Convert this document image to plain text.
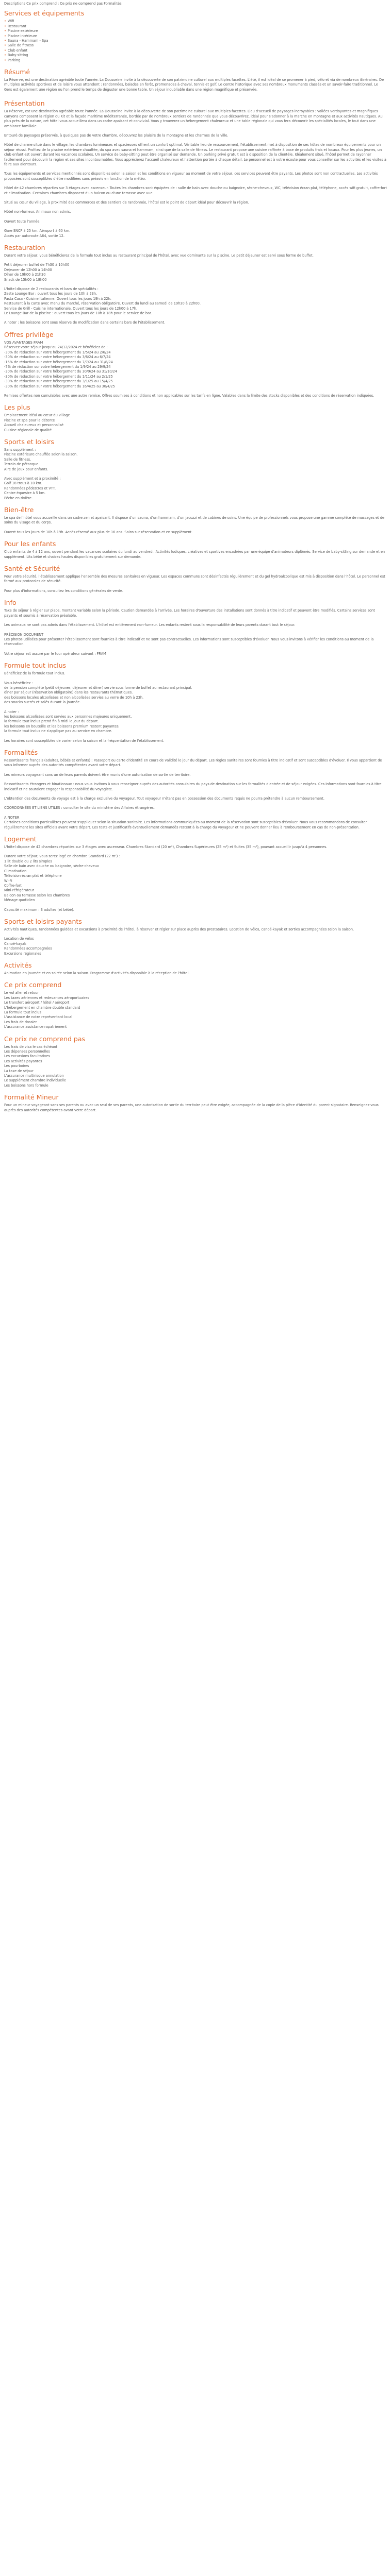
Descriptions Ce prix comprend : Ce prix ne comprend pas Formalités

Services et équipements
• Wifi
• Restaurant
• Piscine extérieure
• Piscine intérieure
• Sauna - Hammam - Spa
• Salle de fitness
• Club enfant
• Baby-sitting
• Parking
Résumé

La Réserve, est une destination agréable toute l'année. La Dousseine invite à la découverte de son patrimoine culturel aux multiples facettes. L'été, il est idéal de se promener à pied, vélo et via de nombreux itinéraires. De multiples activités sportives et de loisirs vous attendent : randonnées, balades en forêt, promenades à cheval, tennis et golf. Le centre historique avec ses nombreux monuments classés et un savoir-faire traditionnel. Le Gers est également une région ou l'on prend le temps de déguster une bonne table. Un séjour inoubliable dans une région magnifique et préservée.

Présentation

La Réserve, est une destination agréable toute l'année. La Dousseine invite à la découverte de son patrimoine culturel aux multiples facettes. Lieu d'accueil de paysages incroyables : vallées verdoyantes et magnifiques canyons composent la région du Kit et la façade maritime méditerranée, bordée par de nombreux sentiers de randonnée que vous découvrirez, idéal pour s'adonner à la marche en montagne et aux activités nautiques. Au plus près de la nature, cet hôtel vous accueillera dans un cadre apaisant et convivial. Vous y trouverez un hébergement chaleureux et une table régionale qui vous fera découvrir les spécialités locales, le tout dans une ambiance familiale.

Entouré de paysages préservés, à quelques pas de votre chambre, découvrez les plaisirs de la montagne et les charmes de la ville.

Hôtel de charme situé dans le village, les chambres lumineuses et spacieuses offrent un confort optimal. Véritable lieu de ressourcement, l'établissement met à disposition de ses hôtes de nombreux équipements pour un séjour réussi. Profitez de la piscine extérieure chauffée, du spa avec sauna et hammam, ainsi que de la salle de fitness. Le restaurant propose une cuisine raffinée à base de produits frais et locaux. Pour les plus jeunes, un club enfant est ouvert durant les vacances scolaires. Un service de baby-sitting peut être organisé sur demande. Un parking privé gratuit est à disposition de la clientèle. Idéalement situé, l'hôtel permet de rayonner facilement pour découvrir la région et ses sites incontournables. Vous apprécierez l'accueil chaleureux et l'attention portée à chaque détail. Le personnel est à votre écoute pour vous conseiller sur les activités et les visites à faire aux alentours.

Tous les équipements et services mentionnés sont disponibles selon la saison et les conditions en vigueur au moment de votre séjour, ces services peuvent être payants. Les photos sont non contractuelles. Les activités proposées sont susceptibles d'être modifiées sans préavis en fonction de la météo.

Hôtel de 42 chambres réparties sur 3 étages avec ascenseur. Toutes les chambres sont équipées de : salle de bain avec douche ou baignoire, sèche-cheveux, WC, télévision écran plat, téléphone, accès wifi gratuit, coffre-fort et climatisation. Certaines chambres disposent d'un balcon ou d'une terrasse avec vue.

Situé au cœur du village, à proximité des commerces et des sentiers de randonnée, l'hôtel est le point de départ idéal pour découvrir la région.

Hôtel non-fumeur. Animaux non admis.

Ouvert toute l'année.

Gare SNCF à 25 km. Aéroport à 60 km.
Accès par autoroute A64, sortie 12.
Restauration

Durant votre séjour, vous bénéficierez de la formule tout inclus au restaurant principal de l'hôtel, avec vue dominante sur la piscine. Le petit déjeuner est servi sous forme de buffet.

Petit déjeuner buffet de 7h30 à 10h00
Déjeuner de 12h00 à 14h00
Dîner de 19h00 à 21h30
Snack de 15h00 à 18h00
L'hôtel dispose de 2 restaurants et bars de spécialités :
Zeste Lounge Bar : ouvert tous les jours de 10h à 23h.
Pasta Casa - Cuisine Italienne. Ouvert tous les jours 19h à 22h.
Restaurant à la carte avec menu du marché, réservation obligatoire. Ouvert du lundi au samedi de 19h30 à 22h00.
Service de Grill - Cuisine internationale. Ouvert tous les jours de 12h00 à 17h.
Le Lounge Bar de la piscine : ouvert tous les jours de 10h à 18h pour le service de bar.

A noter : les boissons sont sous réserve de modification dans certains bars de l'établissement.

Offres privilège
VOS AVANTAGES FRAM
Réservez votre séjour jusqu'au 24/12/2024 et bénéficiez de :
-30% de réduction sur votre hébergement du 1/5/24 au 2/6/24
-30% de réduction sur votre hébergement du 3/6/24 au 6/7/24
-15% de réduction sur votre hébergement du 7/7/24 au 31/8/24
-7% de réduction sur votre hébergement du 1/9/24 au 29/9/24
-30% de réduction sur votre hébergement du 30/9/24 au 31/10/24
-30% de réduction sur votre hébergement du 1/11/24 au 2/1/25
-30% de réduction sur votre hébergement du 3/1/25 au 15/4/25
-30% de réduction sur votre hébergement du 16/4/25 au 30/4/25

Remises offertes non cumulables avec une autre remise. Offres soumises à conditions et non applicables sur les tarifs en ligne. Valables dans la limite des stocks disponibles et des conditions de réservation indiquées.

Les plus
Emplacement idéal au cœur du village
Piscine et spa pour la détente
Accueil chaleureux et personnalisé
Cuisine régionale de qualité
Sports et loisirs
Sans supplément :
Piscine extérieure chauffée selon la saison.
Salle de fitness.
Terrain de pétanque.
Aire de jeux pour enfants.
Avec supplément et à proximité :
Golf 18 trous à 10 km.
Randonnées pédestres et VTT.
Centre équestre à 5 km.
Pêche en rivière.
Bien-être

Le spa de l'hôtel vous accueille dans un cadre zen et apaisant. Il dispose d'un sauna, d'un hammam, d'un jacuzzi et de cabines de soins. Une équipe de professionnels vous propose une gamme complète de massages et de soins du visage et du corps.

Ouvert tous les jours de 10h à 19h. Accès réservé aux plus de 16 ans. Soins sur réservation et en supplément.

Pour les enfants

Club enfants de 4 à 12 ans, ouvert pendant les vacances scolaires du lundi au vendredi. Activités ludiques, créatives et sportives encadrées par une équipe d'animateurs diplômés. Service de baby-sitting sur demande et en supplément. Lits bébé et chaises hautes disponibles gratuitement sur demande.

Santé et Sécurité

Pour votre sécurité, l'établissement applique l'ensemble des mesures sanitaires en vigueur. Les espaces communs sont désinfectés régulièrement et du gel hydroalcoolique est mis à disposition dans l'hôtel. Le personnel est formé aux protocoles de sécurité.

Pour plus d'informations, consultez les conditions générales de vente.

Info

Taxe de séjour à régler sur place, montant variable selon la période. Caution demandée à l'arrivée. Les horaires d'ouverture des installations sont donnés à titre indicatif et peuvent être modifiés. Certains services sont payants et soumis à réservation préalable.

Les animaux ne sont pas admis dans l'établissement. L'hôtel est entièrement non-fumeur. Les enfants restent sous la responsabilité de leurs parents durant tout le séjour.

PRÉCISION DOCUMENT
Les photos utilisées pour présenter l'établissement sont fournies à titre indicatif et ne sont pas contractuelles. Les informations sont susceptibles d'évoluer. Nous vous invitons à vérifier les conditions au moment de la réservation.

Votre séjour est assuré par le tour opérateur suivant : FRAM

Formule tout inclus

Bénéficiez de la formule tout inclus.

Vous bénéficiez :
de la pension complète (petit déjeuner, déjeuner et dîner) servie sous forme de buffet au restaurant principal.
dîner par séjour (réservation obligatoire) dans les restaurants thématiques.
des boissons locales alcoolisées et non alcoolisées servies au verre de 10h à 23h.
des snacks sucrés et salés durant la journée.
A noter :
les boissons alcoolisées sont servies aux personnes majeures uniquement.
la formule tout inclus prend fin à midi le jour du départ.
les boissons en bouteille et les boissons premium restent payantes.
la formule tout inclus ne s'applique pas au service en chambre.

Les horaires sont susceptibles de varier selon la saison et la fréquentation de l'établissement.

Formalités

Ressortissants français (adultes, bébés et enfants) : Passeport ou carte d'identité en cours de validité le jour du départ. Les règles sanitaires sont fournies à titre indicatif et sont susceptibles d'évoluer. Il vous appartient de vous informer auprès des autorités compétentes avant votre départ.

Les mineurs voyageant sans un de leurs parents doivent être munis d'une autorisation de sortie de territoire.

Ressortissants étrangers et binationaux : nous vous invitons à vous renseigner auprès des autorités consulaires du pays de destination sur les formalités d'entrée et de séjour exigées. Ces informations sont fournies à titre indicatif et ne sauraient engager la responsabilité du voyagiste.

L'obtention des documents de voyage est à la charge exclusive du voyageur. Tout voyageur n'étant pas en possession des documents requis ne pourra prétendre à aucun remboursement.

COORDONNÉES ET LIENS UTILES : consulter le site du ministère des Affaires étrangères.

A NOTER
Certaines conditions particulières peuvent s'appliquer selon la situation sanitaire. Les informations communiquées au moment de la réservation sont susceptibles d'évoluer. Nous vous recommandons de consulter régulièrement les sites officiels avant votre départ. Les tests et justificatifs éventuellement demandés restent à la charge du voyageur et ne peuvent donner lieu à remboursement en cas de non-présentation.
Logement

L'hôtel dispose de 42 chambres réparties sur 3 étages avec ascenseur. Chambres Standard (20 m²), Chambres Supérieures (25 m²) et Suites (35 m²), pouvant accueillir jusqu'à 4 personnes.

Durant votre séjour, vous serez logé en chambre Standard (22 m²) :
1 lit double ou 2 lits simples
Salle de bain avec douche ou baignoire, sèche-cheveux
Climatisation
Télévision écran plat et téléphone
Wi-Fi
Coffre-fort
Mini-réfrigérateur
Balcon ou terrasse selon les chambres
Ménage quotidien

Capacité maximum : 3 adultes (et bébé).

Sports et loisirs payants

Activités nautiques, randonnées guidées et excursions à proximité de l'hôtel, à réserver et régler sur place auprès des prestataires. Location de vélos, canoë-kayak et sorties accompagnées selon la saison.

Location de vélos
Canoë-kayak
Randonnées accompagnées
Excursions régionales
Activités

Animation en journée et en soirée selon la saison. Programme d'activités disponible à la réception de l'hôtel.

Ce prix comprend
Le vol aller et retour
Les taxes aériennes et redevances aéroportuaires
Le transfert aéroport / hôtel / aéroport
L'hébergement en chambre double standard
La formule tout inclus
L'assistance de notre représentant local
Les frais de dossier
L'assurance assistance rapatriement
Ce prix ne comprend pas
Les frais de visa le cas échéant
Les dépenses personnelles
Les excursions facultatives
Les activités payantes
Les pourboires
La taxe de séjour
L'assurance multirisque annulation
Le supplément chambre individuelle
Les boissons hors formule
Formalité Mineur

Pour un mineur voyageant sans ses parents ou avec un seul de ses parents, une autorisation de sortie du territoire peut être exigée, accompagnée de la copie de la pièce d'identité du parent signataire. Renseignez-vous auprès des autorités compétentes avant votre départ.
